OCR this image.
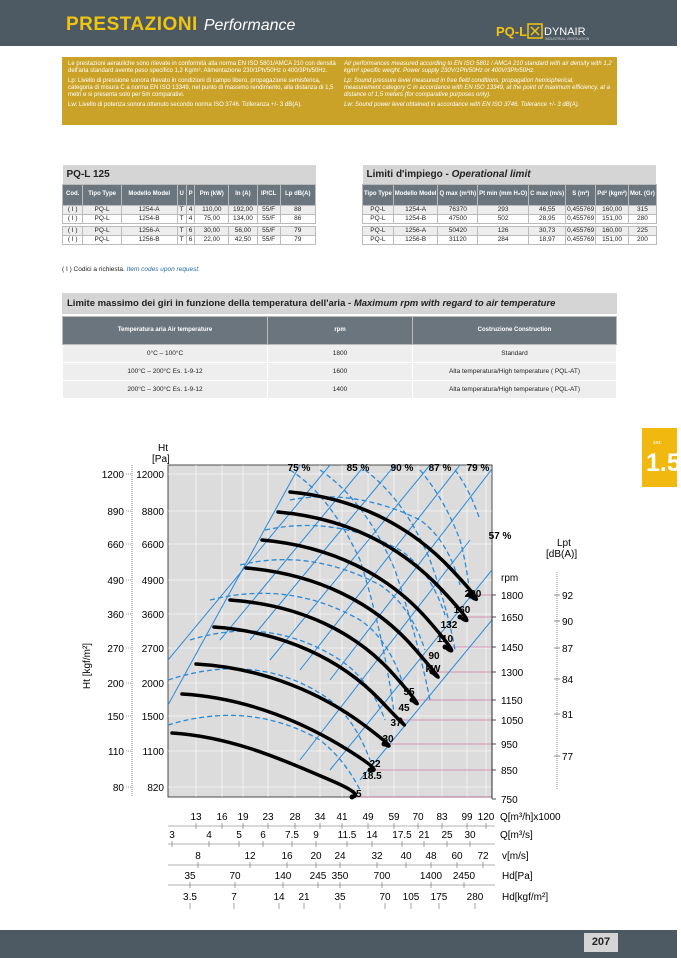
PRESTAZIONI Performance	PQ-L DYNAIR
INDUSTRIAL VENTILATION

Le prestazioni aerauliche sono rilevate in conformità alla norma EN ISO 5801/AMCA 210 con densità dell'aria standard avente peso specifico 1,2 Kg/m³. Alimentazione 230/1Ph/50Hz o 400/3Ph/50Hz.

Lp: Livello di pressione sonora rilevato in condizioni di campo libero, propagazione semisferica, categoria di misura C a norma EN ISO 13349, nel punto di massimo rendimento, alla distanza di 1,5 metri e si presenta solo per 5m comparativi.

Lw: Livello di potenza sonora ottenuto secondo norma ISO 3746. Tolleranza +/- 3 dB(A).

Air performances measured according to EN ISO 5801 / AMCA 210 standard with air density with 1,2 kg/m³ specific weight. Power supply 230V/1Ph/50Hz or 400V/3Ph/50Hz.

Lp: Sound pressure level measured in free field conditions, propagation hemispherical, measurement category C in accordance with EN ISO 13349, at the point of maximum efficiency, at a distance of 1,5 meters (for comparative purposes only).

Lw: Sound power level obtained in accordance with EN ISO 3746. Tolerance +/- 3 dB(A).

PQ-L 125								
Cod.	Tipo Type	Modello Model	U	P	Pm (kW)	In (A)	IP/CL	Lp dB(A)
( I )	PQ-L	1254-A	T	4	110,00	192,00	55/F	88
( I )	PQ-L	1254-B	T	4	75,00	134,00	55/F	86

( I )	PQ-L	1256-A	T	6	30,00	56,00	55/F	79
( I )	PQ-L	1256-B	T	6	22,00	42,50	55/F	79
Limiti d'impiego - Operational limit							
Tipo Type	Modello Model	Q max (m³/h)	Pt min (mm H₂O)	C max (m/s)	S (m²)	Pd² (kgm²)	Mot. (Gr)
PQ-L	1254-A	76370	293	46,55	0,455769	160,00	315
PQ-L	1254-B	47500	502	28,95	0,455769	151,00	280

PQ-L	1256-A	50420	126	30,73	0,455769	160,00	225
PQ-L	1256-B	31120	284	18,97	0,455769	151,00	200
( I ) Codici a richiesta. Item codes upon request.
Limite massimo dei giri in funzione della temperatura dell'aria - Maximum rpm with regard to air temperature
Temperatura aria Air temperature	rpm	Costruzione Construction
0°C – 100°C	1800	Standard
100°C – 200°C Es. 1-9-12	1600	Alta temperatura/High temperature ( PQL-AT)
200°C – 300°C Es. 1-9-12	1400	Alta temperatura/High temperature ( PQL-AT)
sez.
1.5
1200
890
660
490
360
270
200
150
110
80
12000
8800
6600
4900
3600
2700
2000
1500
1100
820
1800
1650
1450
1300
1150
1050
950
850
750
92
90
87
84
81
77
13 16 19 23 28 34 41 49 59 70 83 99 120
3	4 5 6 7.5 9 11.5 14 17.5 21 25 30
8	12	16 20 24	32 40 48 60 72
35	70	140 245 350	700	1400 2450
3.5	7	14 21 35	70 105 175 280
Ht [kgf/m²]
Ht
[Pa]
rpm
Lpt
[dB(A)]
Q[m³/h]x1000
Q[m³/s]
v[m/s]
Hd[Pa]
Hd[kgf/m²]
75 %	85 % 90 % 87 % 79 %
57 %
200
160
132
110
90
55
45
37
30
22
18.5
15
kW
207
